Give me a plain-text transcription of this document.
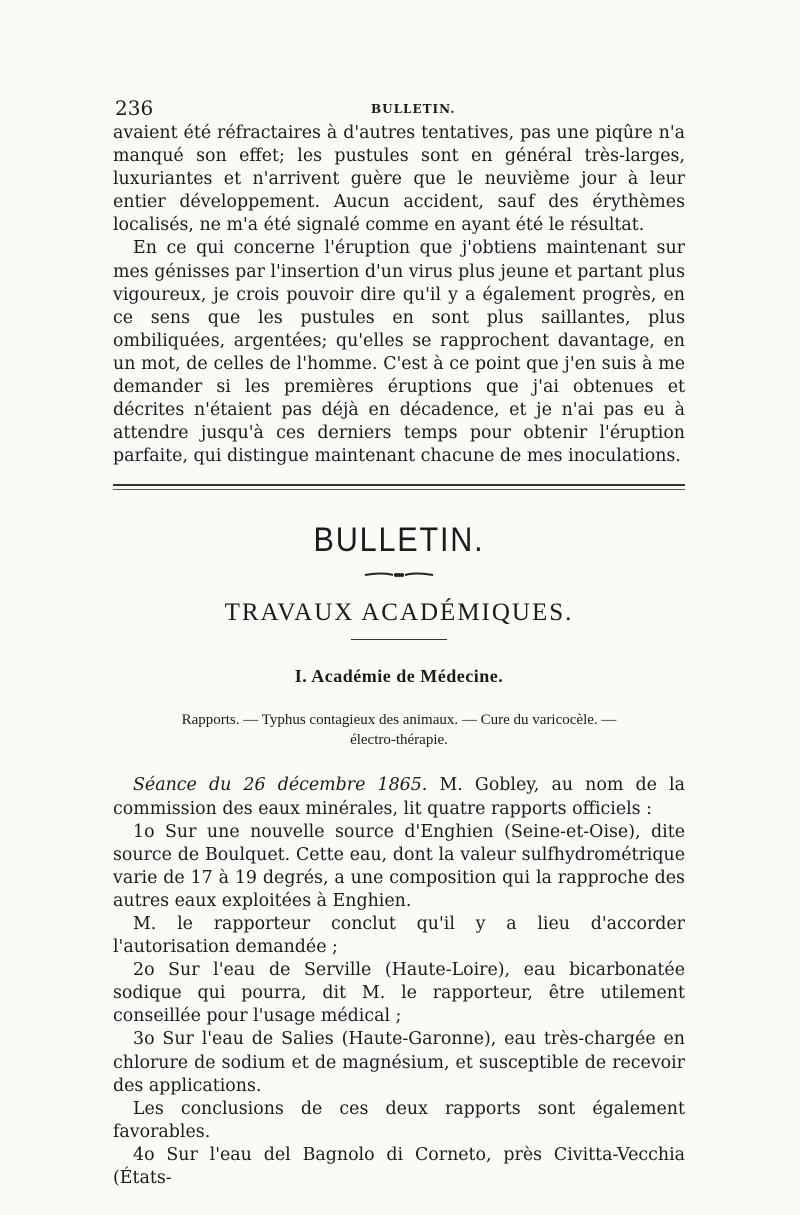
236	BULLETIN.

avaient été réfractaires à d'autres tentatives, pas une piqûre n'a manqué son effet; les pustules sont en général très-larges, luxuriantes et n'arrivent guère que le neuvième jour à leur entier développement. Aucun accident, sauf des érythèmes localisés, ne m'a été signalé comme en ayant été le résultat.

En ce qui concerne l'éruption que j'obtiens maintenant sur mes génisses par l'insertion d'un virus plus jeune et partant plus vigoureux, je crois pouvoir dire qu'il y a également progrès, en ce sens que les pustules en sont plus saillantes, plus ombiliquées, argentées; qu'elles se rapprochent davantage, en un mot, de celles de l'homme. C'est à ce point que j'en suis à me demander si les premières éruptions que j'ai obtenues et décrites n'étaient pas déjà en décadence, et je n'ai pas eu à attendre jusqu'à ces derniers temps pour obtenir l'éruption parfaite, qui distingue maintenant chacune de mes inoculations.

BULLETIN.
TRAVAUX ACADÉMIQUES.
I. Académie de Médecine.
Rapports. — Typhus contagieux des animaux. — Cure du varicocèle. —
électro-thérapie.

Séance du 26 décembre 1865. M. Gobley, au nom de la commission des eaux minérales, lit quatre rapports officiels :

1o Sur une nouvelle source d'Enghien (Seine-et-Oise), dite source de Boulquet. Cette eau, dont la valeur sulfhydrométrique varie de 17 à 19 degrés, a une composition qui la rapproche des autres eaux exploitées à Enghien.

M. le rapporteur conclut qu'il y a lieu d'accorder l'autorisation demandée ;

2o Sur l'eau de Serville (Haute-Loire), eau bicarbonatée sodique qui pourra, dit M. le rapporteur, être utilement conseillée pour l'usage médical ;

3o Sur l'eau de Salies (Haute-Garonne), eau très-chargée en chlorure de sodium et de magnésium, et susceptible de recevoir des applications.

Les conclusions de ces deux rapports sont également favorables.

4o Sur l'eau del Bagnolo di Corneto, près Civitta-Vecchia (États-
